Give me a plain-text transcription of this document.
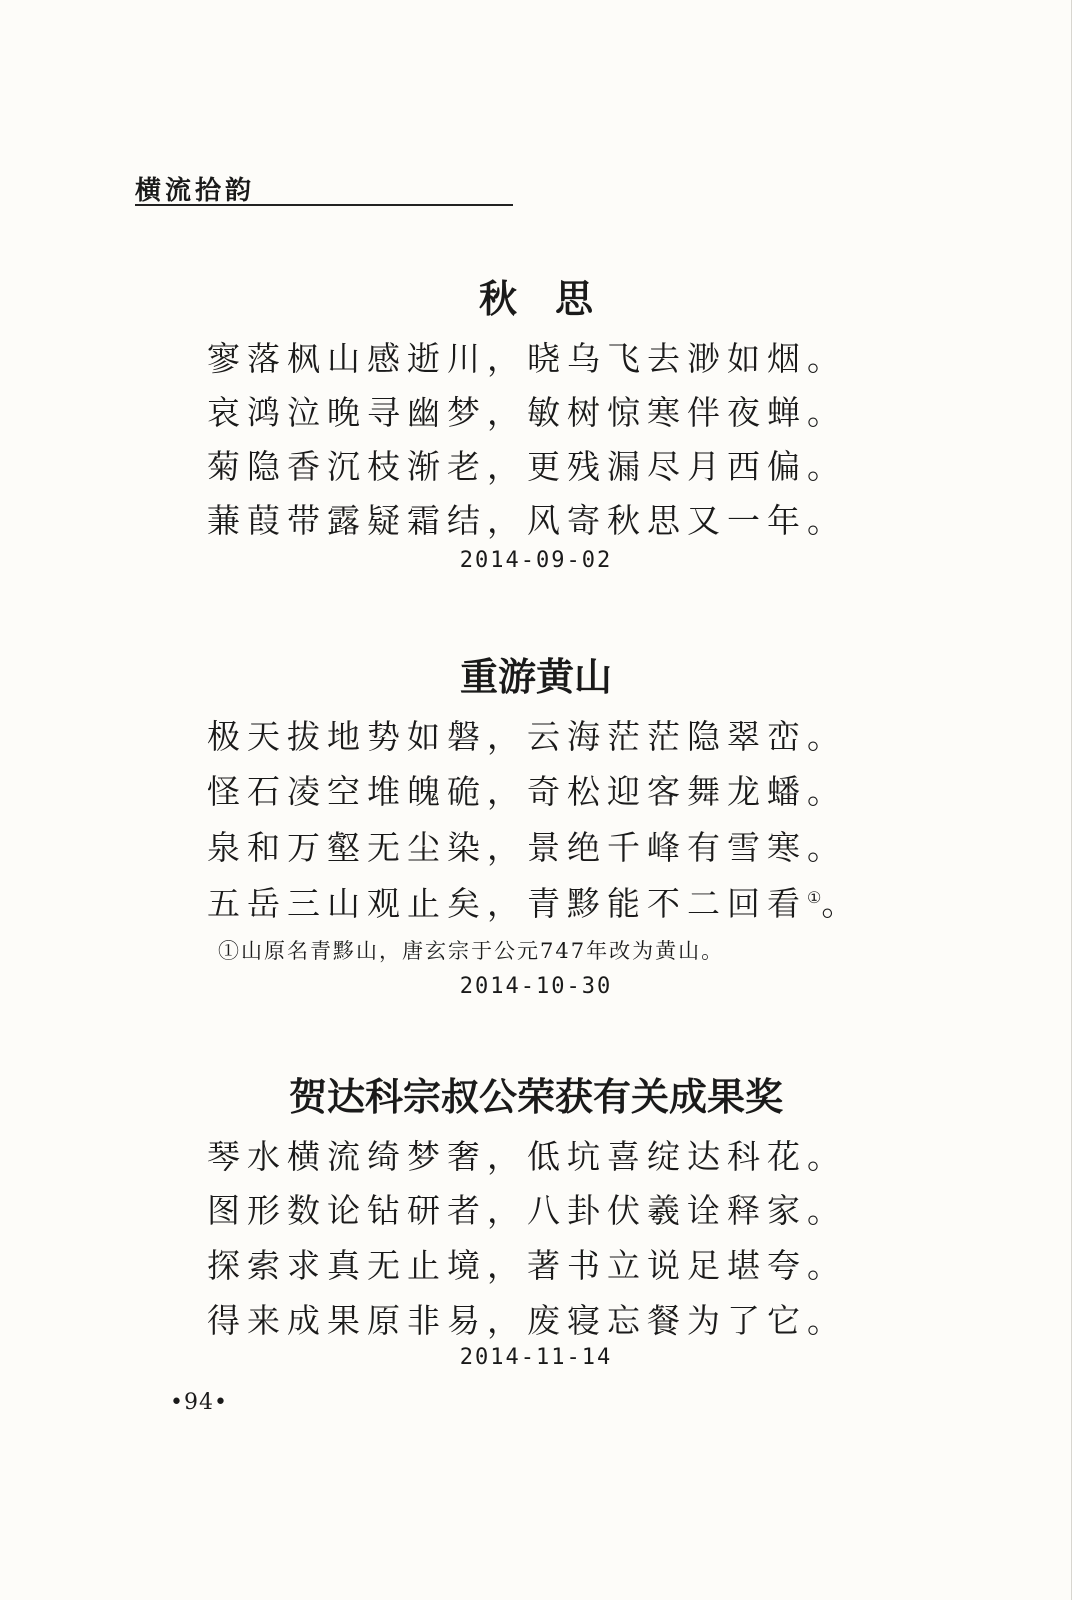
横流拾韵
秋　思
寥落枫山感逝川，晓乌飞去渺如烟。
哀鸿泣晚寻幽梦，敏树惊寒伴夜蝉。
菊隐香沉枝渐老，更残漏尽月西偏。
蒹葭带露疑霜结，风寄秋思又一年。
2014-09-02
重游黄山
极天拔地势如磐，云海茫茫隐翠峦。
怪石凌空堆魄硊，奇松迎客舞龙蟠。
泉和万壑无尘染，景绝千峰有雪寒。
五岳三山观止矣，青黟能不二回看①。
①山原名青黟山，唐玄宗于公元747年改为黄山。
2014-10-30
贺达科宗叔公荣获有关成果奖
琴水横流绮梦奢，低坑喜绽达科花。
图形数论钻研者，八卦伏羲诠释家。
探索求真无止境，著书立说足堪夸。
得来成果原非易，废寝忘餐为了它。
2014-11-14
•94•
